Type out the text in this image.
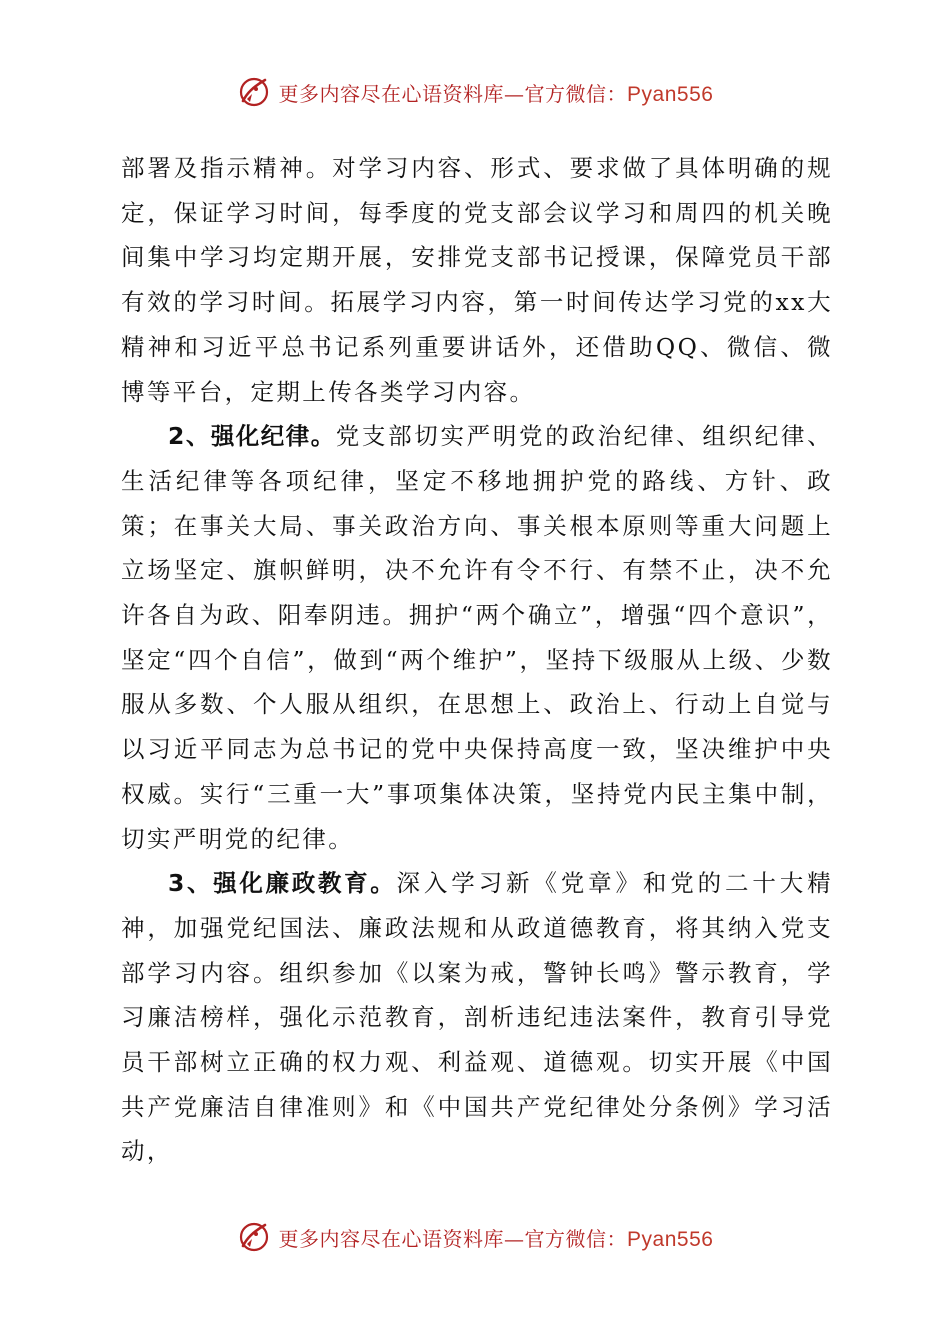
更多内容尽在心语资料库—官方微信：Pyan556

部署及指示精神。对学习内容、形式、要求做了具体明确的规定，保证学习时间，每季度的党支部会议学习和周四的机关晚间集中学习均定期开展，安排党支部书记授课，保障党员干部有效的学习时间。拓展学习内容，第一时间传达学习党的xx大精神和习近平总书记系列重要讲话外，还借助QQ、微信、微博等平台，定期上传各类学习内容。

2、强化纪律。党支部切实严明党的政治纪律、组织纪律、生活纪律等各项纪律，坚定不移地拥护党的路线、方针、政策；在事关大局、事关政治方向、事关根本原则等重大问题上立场坚定、旗帜鲜明，决不允许有令不行、有禁不止，决不允许各自为政、阳奉阴违。拥护“两个确立”，增强“四个意识”，坚定“四个自信”，做到“两个维护”，坚持下级服从上级、少数服从多数、个人服从组织，在思想上、政治上、行动上自觉与以习近平同志为总书记的党中央保持高度一致，坚决维护中央权威。实行“三重一大”事项集体决策，坚持党内民主集中制，切实严明党的纪律。

3、强化廉政教育。深入学习新《党章》和党的二十大精神，加强党纪国法、廉政法规和从政道德教育，将其纳入党支部学习内容。组织参加《以案为戒，警钟长鸣》警示教育，学习廉洁榜样，强化示范教育，剖析违纪违法案件，教育引导党员干部树立正确的权力观、利益观、道德观。切实开展《中国共产党廉洁自律准则》和《中国共产党纪律处分条例》学习活动，

更多内容尽在心语资料库—官方微信：Pyan556
